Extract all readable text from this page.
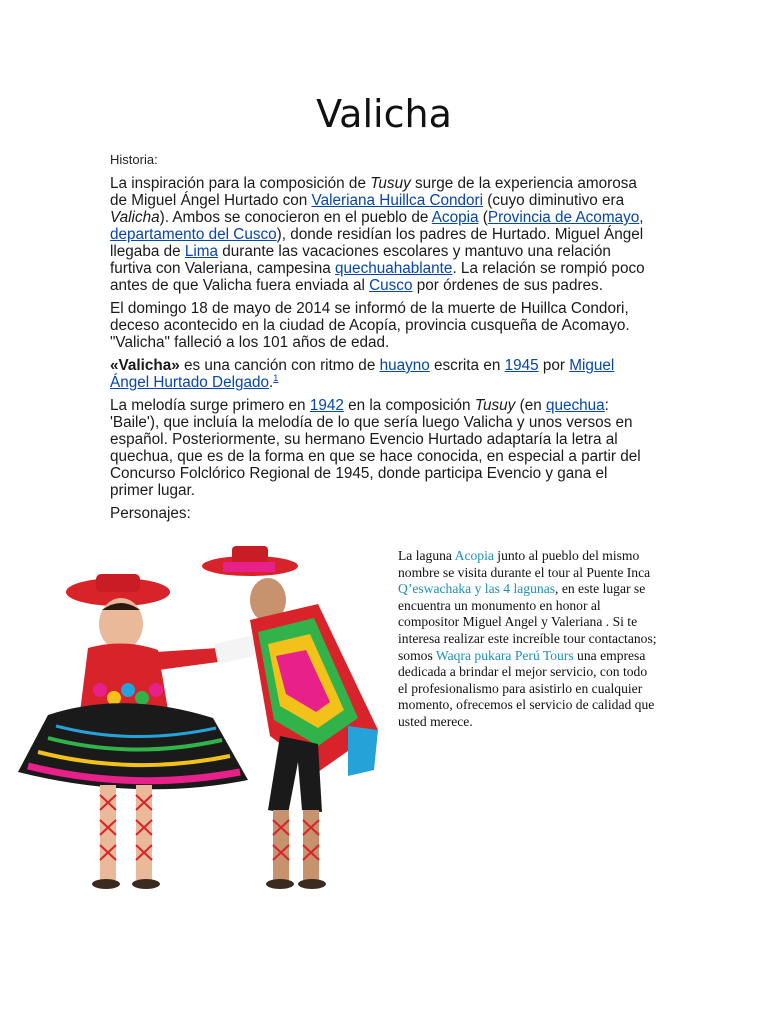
Valicha
Historia:

La inspiración para la composición de Tusuy surge de la experiencia amorosa de Miguel Ángel Hurtado con Valeriana Huillca Condori (cuyo diminutivo era Valicha). Ambos se conocieron en el pueblo de Acopia (Provincia de Acomayo, departamento del Cusco), donde residían los padres de Hurtado. Miguel Ángel llegaba de Lima durante las vacaciones escolares y mantuvo una relación furtiva con Valeriana, campesina quechuahablante. La relación se rompió poco antes de que Valicha fuera enviada al Cusco por órdenes de sus padres.

El domingo 18 de mayo de 2014 se informó de la muerte de Huillca Condori, deceso acontecido en la ciudad de Acopía, provincia cusqueña de Acomayo. "Valicha" falleció a los 101 años de edad.

«Valicha» es una canción con ritmo de huayno escrita en 1945 por Miguel Ángel Hurtado Delgado.$^1$

La melodía surge primero en 1942 en la composición Tusuy (en quechua: 'Baile'), que incluía la melodía de lo que sería luego Valicha y unos versos en español. Posteriormente, su hermano Evencio Hurtado adaptaría la letra al quechua, que es de la forma en que se hace conocida, en especial a partir del Concurso Folclórico Regional de 1945, donde participa Evencio y gana el primer lugar.

Personajes:
La laguna Acopia junto al pueblo del mismo nombre se visita durante el tour al Puente Inca Q’eswachaka y las 4 lagunas, en este lugar se encuentra un monumento en honor al compositor Miguel Angel y Valeriana . Si te interesa realizar este increíble tour contactanos; somos Waqra pukara Perú Tours una empresa dedicada a brindar el mejor servicio, con todo el profesionalismo para asistirlo en cualquier momento, ofrecemos el servicio de calidad que usted merece.
